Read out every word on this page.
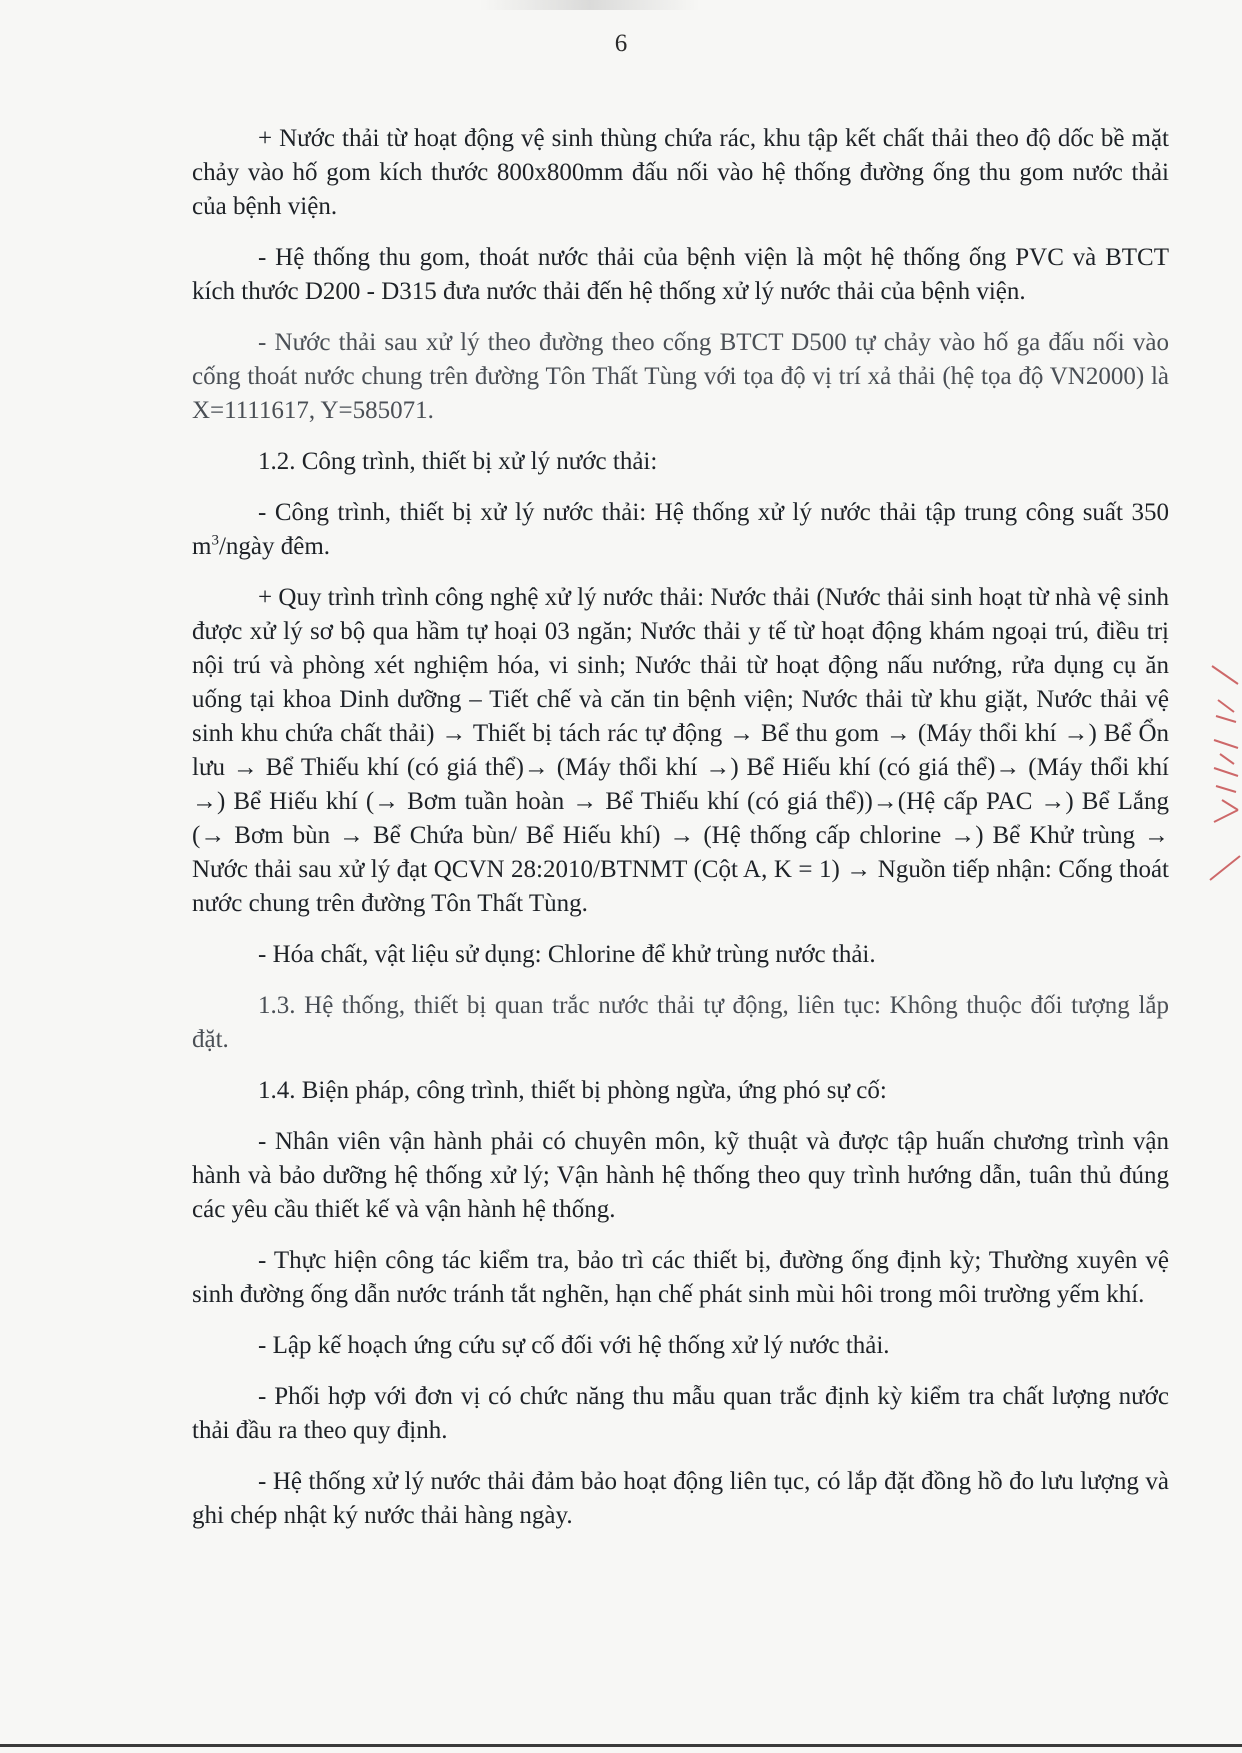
6

+ Nước thải từ hoạt động vệ sinh thùng chứa rác, khu tập kết chất thải theo độ dốc bề mặt chảy vào hố gom kích thước 800x800mm đấu nối vào hệ thống đường ống thu gom nước thải của bệnh viện.

- Hệ thống thu gom, thoát nước thải của bệnh viện là một hệ thống ống PVC và BTCT kích thước D200 - D315 đưa nước thải đến hệ thống xử lý nước thải của bệnh viện.

- Nước thải sau xử lý theo đường theo cống BTCT D500 tự chảy vào hố ga đấu nối vào cống thoát nước chung trên đường Tôn Thất Tùng với tọa độ vị trí xả thải (hệ tọa độ VN2000) là X=1111617, Y=585071.

1.2. Công trình, thiết bị xử lý nước thải:

- Công trình, thiết bị xử lý nước thải: Hệ thống xử lý nước thải tập trung công suất 350 $m^3$/ngày đêm.

+ Quy trình trình công nghệ xử lý nước thải: Nước thải (Nước thải sinh hoạt từ nhà vệ sinh được xử lý sơ bộ qua hầm tự hoại 03 ngăn; Nước thải y tế từ hoạt động khám ngoại trú, điều trị nội trú và phòng xét nghiệm hóa, vi sinh; Nước thải từ hoạt động nấu nướng, rửa dụng cụ ăn uống tại khoa Dinh dưỡng – Tiết chế và căn tin bệnh viện; Nước thải từ khu giặt, Nước thải vệ sinh khu chứa chất thải) → Thiết bị tách rác tự động → Bể thu gom → (Máy thổi khí →) Bể Ổn lưu → Bể Thiếu khí (có giá thể)→ (Máy thổi khí →) Bể Hiếu khí (có giá thể)→ (Máy thổi khí →) Bể Hiếu khí (→ Bơm tuần hoàn → Bể Thiếu khí (có giá thể))→(Hệ cấp PAC →) Bể Lắng (→ Bơm bùn → Bể Chứa bùn/ Bể Hiếu khí) → (Hệ thống cấp chlorine →) Bể Khử trùng → Nước thải sau xử lý đạt QCVN 28:2010/BTNMT (Cột A, K = 1) → Nguồn tiếp nhận: Cống thoát nước chung trên đường Tôn Thất Tùng.

- Hóa chất, vật liệu sử dụng: Chlorine để khử trùng nước thải.

1.3. Hệ thống, thiết bị quan trắc nước thải tự động, liên tục: Không thuộc đối tượng lắp đặt.

1.4. Biện pháp, công trình, thiết bị phòng ngừa, ứng phó sự cố:

- Nhân viên vận hành phải có chuyên môn, kỹ thuật và được tập huấn chương trình vận hành và bảo dưỡng hệ thống xử lý; Vận hành hệ thống theo quy trình hướng dẫn, tuân thủ đúng các yêu cầu thiết kế và vận hành hệ thống.

- Thực hiện công tác kiểm tra, bảo trì các thiết bị, đường ống định kỳ; Thường xuyên vệ sinh đường ống dẫn nước tránh tắt nghẽn, hạn chế phát sinh mùi hôi trong môi trường yếm khí.

- Lập kế hoạch ứng cứu sự cố đối với hệ thống xử lý nước thải.

- Phối hợp với đơn vị có chức năng thu mẫu quan trắc định kỳ kiểm tra chất lượng nước thải đầu ra theo quy định.

- Hệ thống xử lý nước thải đảm bảo hoạt động liên tục, có lắp đặt đồng hồ đo lưu lượng và ghi chép nhật ký nước thải hàng ngày.
